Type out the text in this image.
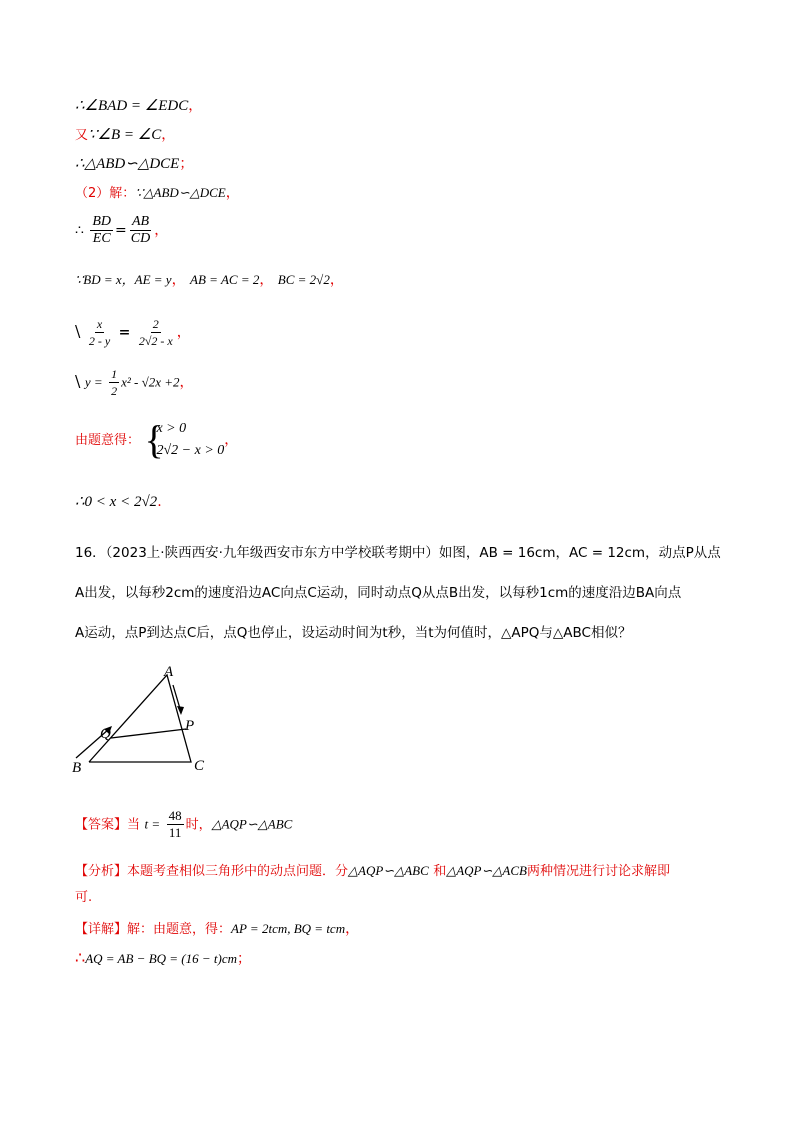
∴∠BAD = ∠EDC，
又∵∠B = ∠C，
∴△ABD∽△DCE；
（2）解：∵△ABD∽△DCE，
∴ $\frac{BD}{EC} = \frac{AB}{CD}$ ，
∵BD = x，AE = y， AB = AC = 2， BC = 2√2，
\ $\frac{x}{2 - y} = \frac{2}{2√2 - x}$ ，
\ $y = \frac{1}{2} x^2 - √2x +2$，
由题意得：
{ x > 0
2√2 − x > 0
，
∴0 < x < 2√2.
16．（2023上·陕西西安·九年级西安市东方中学校联考期中）如图，AB = 16cm，AC = 12cm，动点P从点
A出发，以每秒2cm的速度沿边AC向点C运动，同时动点Q从点B出发，以每秒1cm的速度沿边BA向点
A运动，点P到达点C后，点Q也停止，设运动时间为t秒，当t为何值时，△APQ与△ABC相似？
A
B	C
P
Q
【答案】当 $t = \frac{48}{11}$ 时，△AQP∽△ABC
【分析】本题考查相似三角形中的动点问题．分△AQP∽△ABC 和△AQP∽△ACB两种情况进行讨论求解即
可.
【详解】解：由题意，得：AP = 2tcm, BQ = tcm，
∴AQ = AB − BQ = (16 − t)cm；
